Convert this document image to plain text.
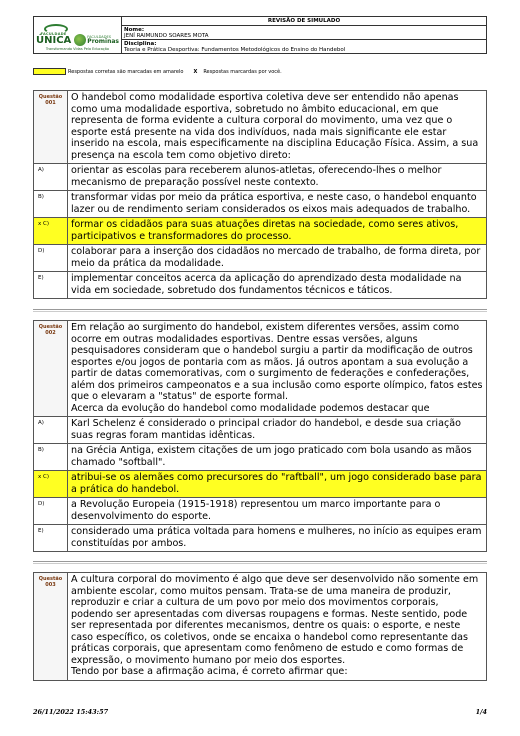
FACULDADE
ÚNICA	FACULDADES
Prominas
Transformando Vidas Pela Educação
	REVISÃO DE SIMULADO

Nome:
JENÍ RAIMUNDO SOARES MOTA

Disciplina:
Teoria e Prática Desportiva: Fundamentos Metodológicos do Ensino do Handebol
Respostas corretas são marcadas em amarelo	X	Respostas marcardas por você.
Questão
001	O handebol como modalidade esportiva coletiva deve ser entendido não apenas como uma modalidade esportiva, sobretudo no âmbito educacional, em que representa de forma evidente a cultura corporal do movimento, uma vez que o esporte está presente na vida dos indivíduos, nada mais significante ele estar inserido na escola, mais especificamente na disciplina Educação Física. Assim, a sua presença na escola tem como objetivo direto:
A)	orientar as escolas para receberem alunos-atletas, oferecendo-lhes o melhor mecanismo de preparação possível neste contexto.
B)	transformar vidas por meio da prática esportiva, e neste caso, o handebol enquanto lazer ou de rendimento seriam considerados os eixos mais adequados de trabalho.
x C)	formar os cidadãos para suas atuações diretas na sociedade, como seres ativos, participativos e transformadores do processo.
D)	colaborar para a inserção dos cidadãos no mercado de trabalho, de forma direta, por meio da prática da modalidade.
E)	implementar conceitos acerca da aplicação do aprendizado desta modalidade na vida em sociedade, sobretudo dos fundamentos técnicos e táticos.
Questão
002	Em relação ao surgimento do handebol, existem diferentes versões, assim como ocorre em outras modalidades esportivas. Dentre essas versões, alguns pesquisadores consideram que o handebol surgiu a partir da modificação de outros esportes e/ou jogos de pontaria com as mãos. Já outros apontam a sua evolução a partir de datas comemorativas, com o surgimento de federações e confederações, além dos primeiros campeonatos e a sua inclusão como esporte olímpico, fatos estes que o elevaram a "status" de esporte formal.
Acerca da evolução do handebol como modalidade podemos destacar que
A)	Karl Schelenz é considerado o principal criador do handebol, e desde sua criação suas regras foram mantidas idênticas.
B)	na Grécia Antiga, existem citações de um jogo praticado com bola usando as mãos chamado "softball".
x C)	atribui-se os alemães como precursores do "raftball", um jogo considerado base para a prática do handebol.
D)	a Revolução Europeia (1915-1918) representou um marco importante para o desenvolvimento do esporte.
E)	considerado uma prática voltada para homens e mulheres, no início as equipes eram constituídas por ambos.
Questão
003	A cultura corporal do movimento é algo que deve ser desenvolvido não somente em ambiente escolar, como muitos pensam. Trata-se de uma maneira de produzir, reproduzir e criar a cultura de um povo por meio dos movimentos corporais, podendo ser apresentadas com diversas roupagens e formas. Neste sentido, pode ser representada por diferentes mecanismos, dentre os quais: o esporte, e neste caso específico, os coletivos, onde se encaixa o handebol como representante das práticas corporais, que apresentam como fenômeno de estudo e como formas de expressão, o movimento humano por meio dos esportes.
Tendo por base a afirmação acima, é correto afirmar que:
26/11/2022 15:43:57	1/4
